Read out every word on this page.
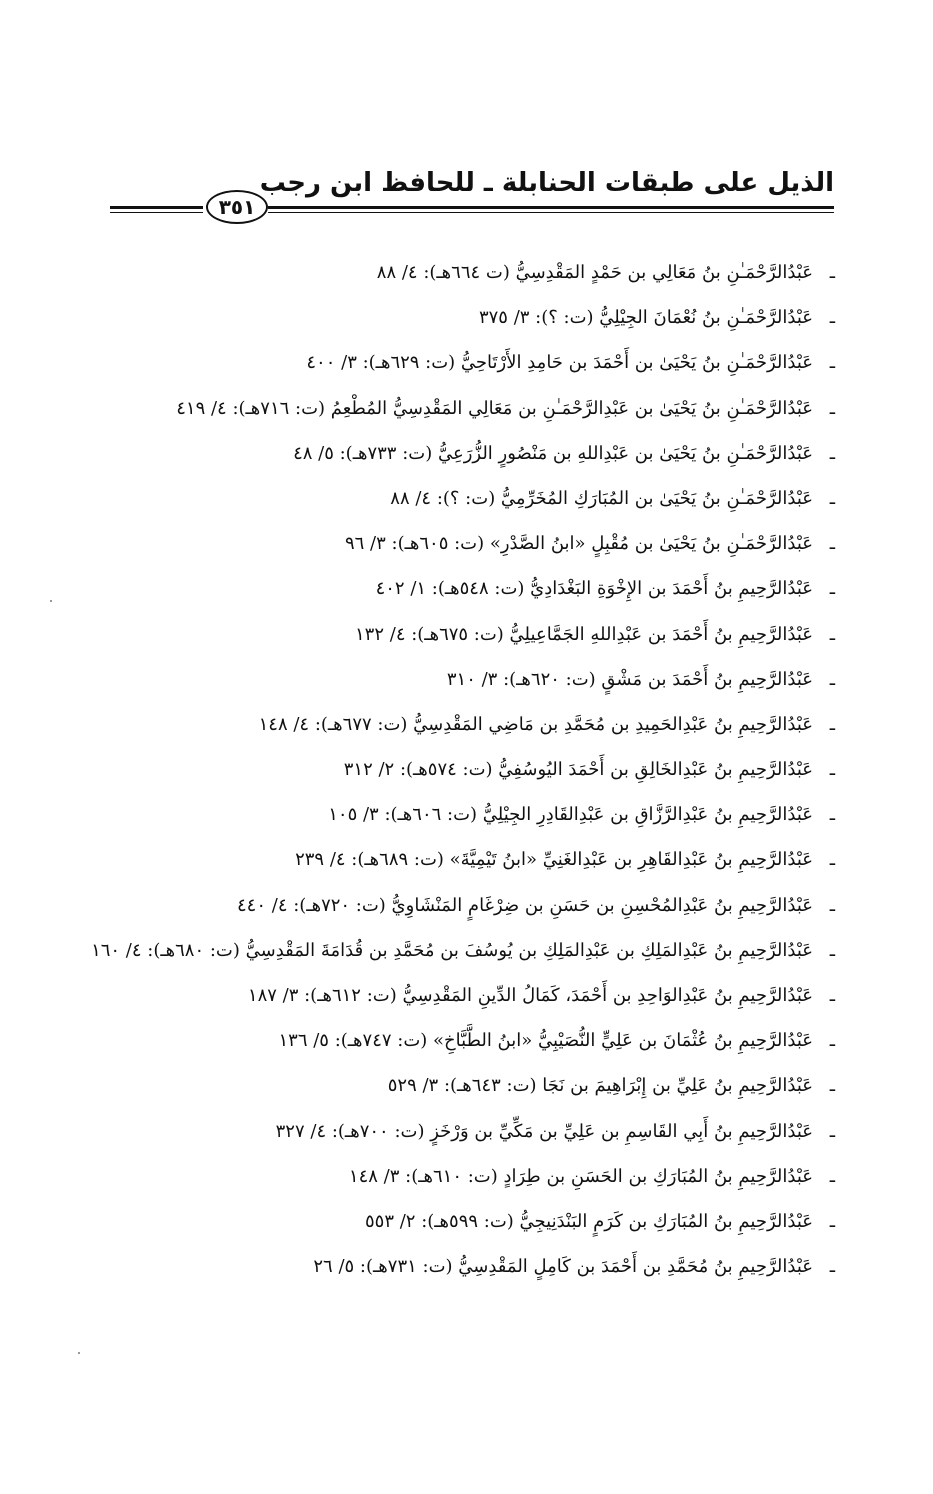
الذيل على طبقات الحنابلة ـ للحافظ ابن رجب
٣٥١
ـعَبْدُالرَّحْمَـٰنِ بنُ مَعَالِي بن حَمْدٍ المَقْدِسِيُّ (ت ٦٦٤هـ): ٤/ ٨٨
ـعَبْدُالرَّحْمَـٰنِ بنُ نُعْمَانَ الجِيْلِيُّ (ت: ؟): ٣/ ٣٧٥
ـعَبْدُالرَّحْمَـٰنِ بنُ يَحْيَىٰ بن أَحْمَدَ بن حَامِدِ الأَرْتَاحِيُّ (ت: ٦٢٩هـ): ٣/ ٤٠٠
ـعَبْدُالرَّحْمَـٰنِ بنُ يَحْيَىٰ بن عَبْدِالرَّحْمَـٰنِ بن مَعَالِي المَقْدِسِيُّ المُطْعِمُ (ت: ٧١٦هـ): ٤/ ٤١٩
ـعَبْدُالرَّحْمَـٰنِ بنُ يَحْيَىٰ بن عَبْدِاللهِ بن مَنْصُورٍ الزُّرَعِيُّ (ت: ٧٣٣هـ): ٥/ ٤٨
ـعَبْدُالرَّحْمَـٰنِ بنُ يَحْيَىٰ بن المُبَارَكِ المُخَرِّمِيُّ (ت: ؟): ٤/ ٨٨
ـعَبْدُالرَّحْمَـٰنِ بنُ يَحْيَىٰ بن مُقْبِلٍ «ابنُ الصَّدْرِ» (ت: ٦٠٥هـ): ٣/ ٩٦
ـعَبْدُالرَّحِيمِ بنُ أَحْمَدَ بن الإِخْوَةِ البَغْدَادِيُّ (ت: ٥٤٨هـ): ١/ ٤٠٢
ـعَبْدُالرَّحِيمِ بنُ أَحْمَدَ بن عَبْدِاللهِ الجَمَّاعِيلِيُّ (ت: ٦٧٥هـ): ٤/ ١٣٢
ـعَبْدُالرَّحِيمِ بنُ أَحْمَدَ بن مَشْقٍ (ت: ٦٢٠هـ): ٣/ ٣١٠
ـعَبْدُالرَّحِيمِ بنُ عَبْدِالحَمِيدِ بن مُحَمَّدِ بن مَاضِي المَقْدِسِيُّ (ت: ٦٧٧هـ): ٤/ ١٤٨
ـعَبْدُالرَّحِيمِ بنُ عَبْدِالخَالِقِ بن أَحْمَدَ اليُوسُفِيُّ (ت: ٥٧٤هـ): ٢/ ٣١٢
ـعَبْدُالرَّحِيمِ بنُ عَبْدِالرَّزَّاقِ بن عَبْدِالقَادِرِ الجِيْلِيُّ (ت: ٦٠٦هـ): ٣/ ١٠٥
ـعَبْدُالرَّحِيمِ بنُ عَبْدِالقَاهِرِ بن عَبْدِالغَنِيِّ «ابنُ تَيْمِيَّةَ» (ت: ٦٨٩هـ): ٤/ ٢٣٩
ـعَبْدُالرَّحِيمِ بنُ عَبْدِالمُحْسِنِ بن حَسَنِ بن ضِرْغَامٍ المَنْشَاوِيُّ (ت: ٧٢٠هـ): ٤/ ٤٤٠
ـعَبْدُالرَّحِيمِ بنُ عَبْدِالمَلِكِ بن عَبْدِالمَلِكِ بن يُوسُفَ بن مُحَمَّدِ بن قُدَامَةَ المَقْدِسِيُّ (ت: ٦٨٠هـ): ٤/ ١٦٠
ـعَبْدُالرَّحِيمِ بنُ عَبْدِالوَاحِدِ بن أَحْمَدَ، كَمَالُ الدِّينِ المَقْدِسِيُّ (ت: ٦١٢هـ): ٣/ ١٨٧
ـعَبْدُالرَّحِيمِ بنُ عُثْمَانَ بن عَلِيٍّ النُّصَيْبِيُّ «ابنُ الطَّبَّاخِ» (ت: ٧٤٧هـ): ٥/ ١٣٦
ـعَبْدُالرَّحِيمِ بنُ عَلِيِّ بن إِبْرَاهِيمَ بن نَجَا (ت: ٦٤٣هـ): ٣/ ٥٢٩
ـعَبْدُالرَّحِيمِ بنُ أَبِي القَاسِمِ بن عَلِيِّ بن مَكِّيِّ بن وَرْخَزٍ (ت: ٧٠٠هـ): ٤/ ٣٢٧
ـعَبْدُالرَّحِيمِ بنُ المُبَارَكِ بن الحَسَنِ بن طِرَادٍ (ت: ٦١٠هـ): ٣/ ١٤٨
ـعَبْدُالرَّحِيمِ بنُ المُبَارَكِ بن كَرَمٍ البَنْدَنِيجِيُّ (ت: ٥٩٩هـ): ٢/ ٥٥٣
ـعَبْدُالرَّحِيمِ بنُ مُحَمَّدِ بن أَحْمَدَ بن كَامِلٍ المَقْدِسِيُّ (ت: ٧٣١هـ): ٥/ ٢٦
